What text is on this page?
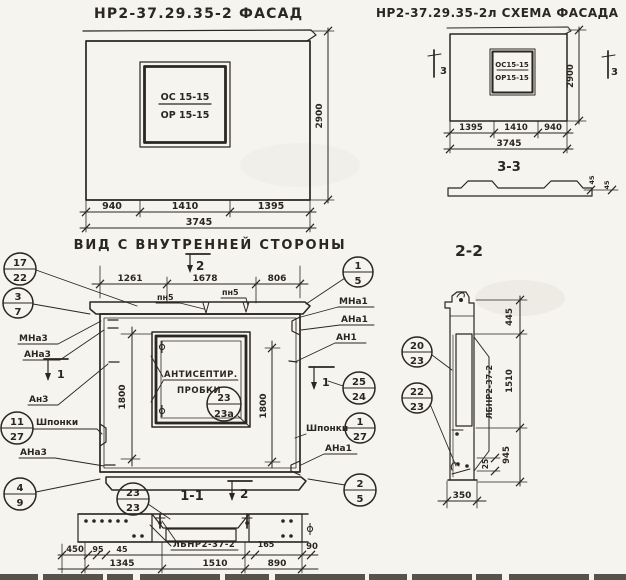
НР2-37.29.35-2 ФАСАД
ОС 15-15
ОР 15-15	2900
940	1410	1395
3745
НР2-37.29.35-2л СХЕМА ФАСАДА
ОС15-15
ОР15-15
3	3
2900
1395	1410 940
3745
3-3
45
45
2-2
ВИД С ВНУТРЕННЕЙ СТОРОНЫ
1261	1678	806
2
пн5
пн5
АНТИСЕПТИР.
ПРОБКИ
1800	1800
1
1
2
1-1
МНа3
АНа3
Ан3
Шпонки
АНа3
МНа1
АНа1
АН1
Шпонки
АНа1
17
22
3
7
11
27
4
9
23
23а
1
5
25
24
1
27
2
5
23
23
20
23
22
23
ЛБНР2-37-2
450 95 45
165	90
1345	1510	890
ЛБНР2-37-2
445
1510
945
25
350
